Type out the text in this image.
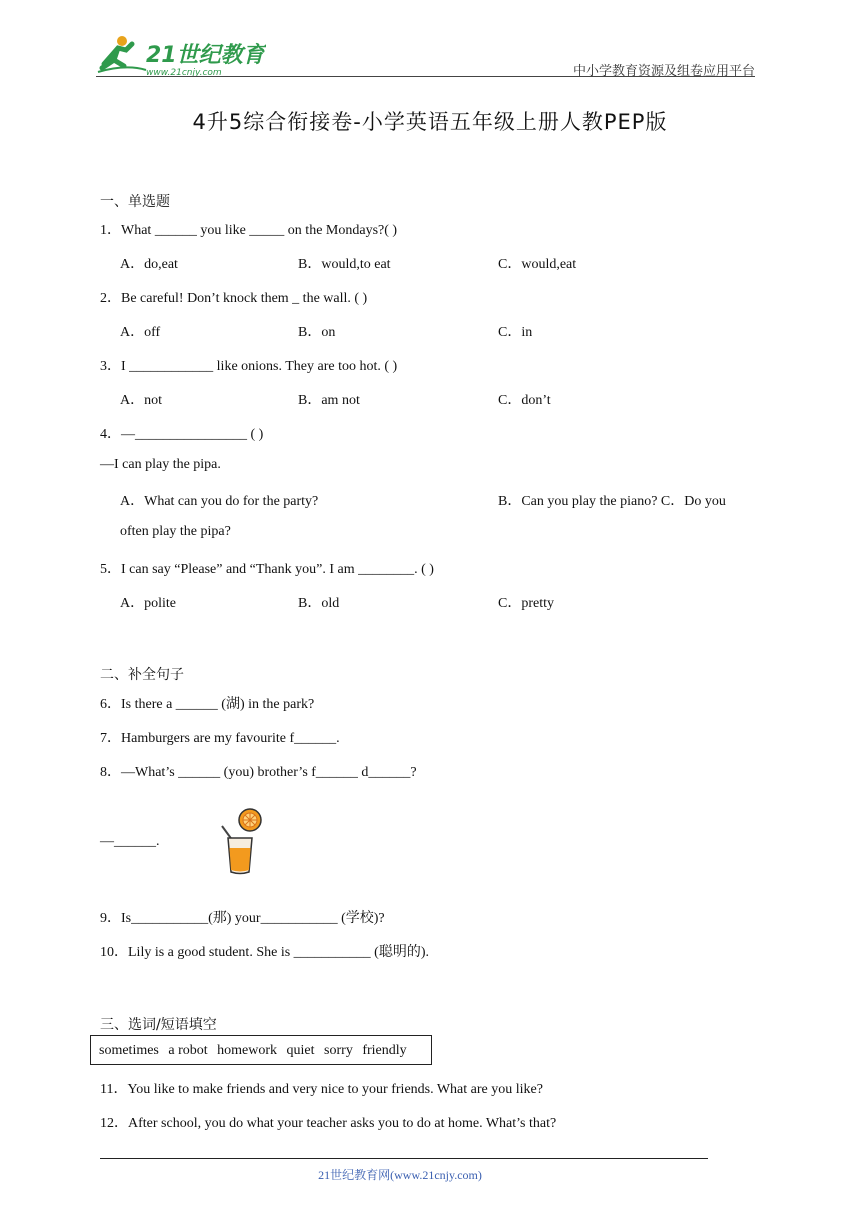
21世纪教育
www.21cnjy.com	中小学教育资源及组卷应用平台
4升5综合衔接卷-小学英语五年级上册人教PEP版
一、单选题
1．What ______ you like _____ on the Mondays?( )
A．do,eat	B．would,to eat	C．would,eat
2．Be careful! Don’t knock them _ the wall. ( )
A．off	B．on	C．in
3．I ____________ like onions. They are too hot. ( )
A．not	B．am not	C．don’t
4．—________________ ( )
—I can play the pipa.
A．What can you do for the party?	B．Can you play the piano? C．Do you
often play the pipa?
5．I can say “Please” and “Thank you”. I am ________. ( )
A．polite	B．old	C．pretty
二、补全句子
6．Is there a ______ (湖) in the park?
7．Hamburgers are my favourite f______.
8．—What’s ______ (you) brother’s f______ d______?
—______.
9．Is___________(那) your___________ (学校)?
10．Lily is a good student. She is ___________ (聪明的).
三、选词/短语填空
sometimes a robot homework quiet sorry friendly
11．You like to make friends and very nice to your friends. What are you like?
12．After school, you do what your teacher asks you to do at home. What’s that?
21世纪教育网(www.21cnjy.com)
